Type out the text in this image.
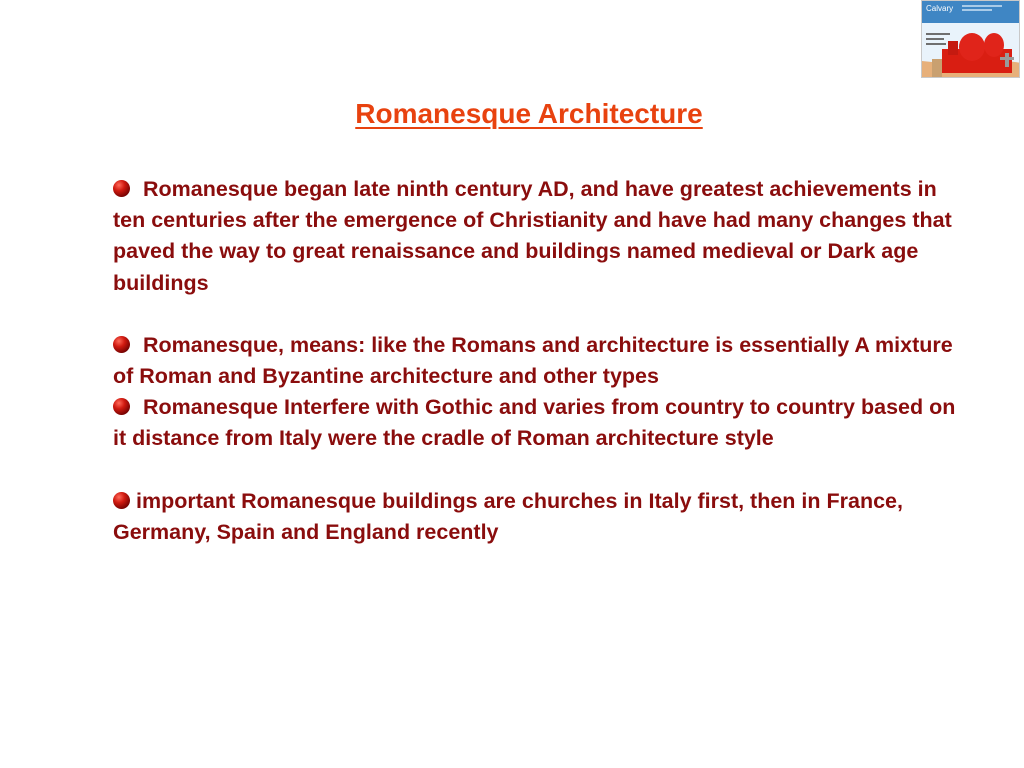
Calvary
Romanesque Architecture

Romanesque began late ninth century AD, and have greatest achievements in ten centuries after the emergence of Christianity and have had many changes that paved the way to great renaissance and buildings named medieval or Dark age buildings

Romanesque, means: like the Romans and architecture is essentially A mixture of Roman and Byzantine architecture and other types

Romanesque Interfere with Gothic and varies from country to country based on it distance from Italy were the cradle of Roman architecture style

important Romanesque buildings are churches in Italy first, then in France, Germany, Spain and England recently
